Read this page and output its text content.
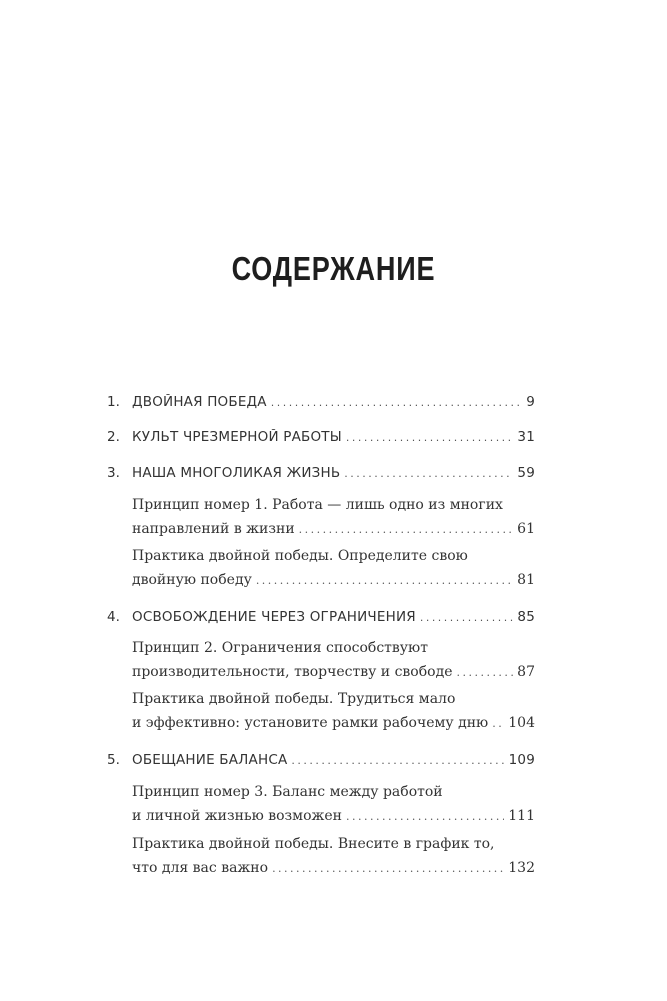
СОДЕРЖАНИЕ
1. ДВОЙНАЯ ПОБЕДА . . .	9
2. КУЛЬТ ЧРЕЗМЕРНОЙ РАБОТЫ . . .	31
3. НАША МНОГОЛИКАЯ ЖИЗНЬ . . .	59
Принцип номер 1. Работа — лишь одно из многих
направлений в жизни . . .	61
Практика двойной победы. Определите свою
двойную победу . . .	81
4. ОСВОБОЖДЕНИЕ ЧЕРЕЗ ОГРАНИЧЕНИЯ . . .	85
Принцип 2. Ограничения способствуют
производительности, творчеству и свободе . . .	87
Практика двойной победы. Трудиться мало
и эффективно: установите рамки рабочему дню . . . 104
5. ОБЕЩАНИЕ БАЛАНСА . . .	109
Принцип номер 3. Баланс между работой
и личной жизнью возможен . . .	111
Практика двойной победы. Внесите в график то,
что для вас важно . . .	132
